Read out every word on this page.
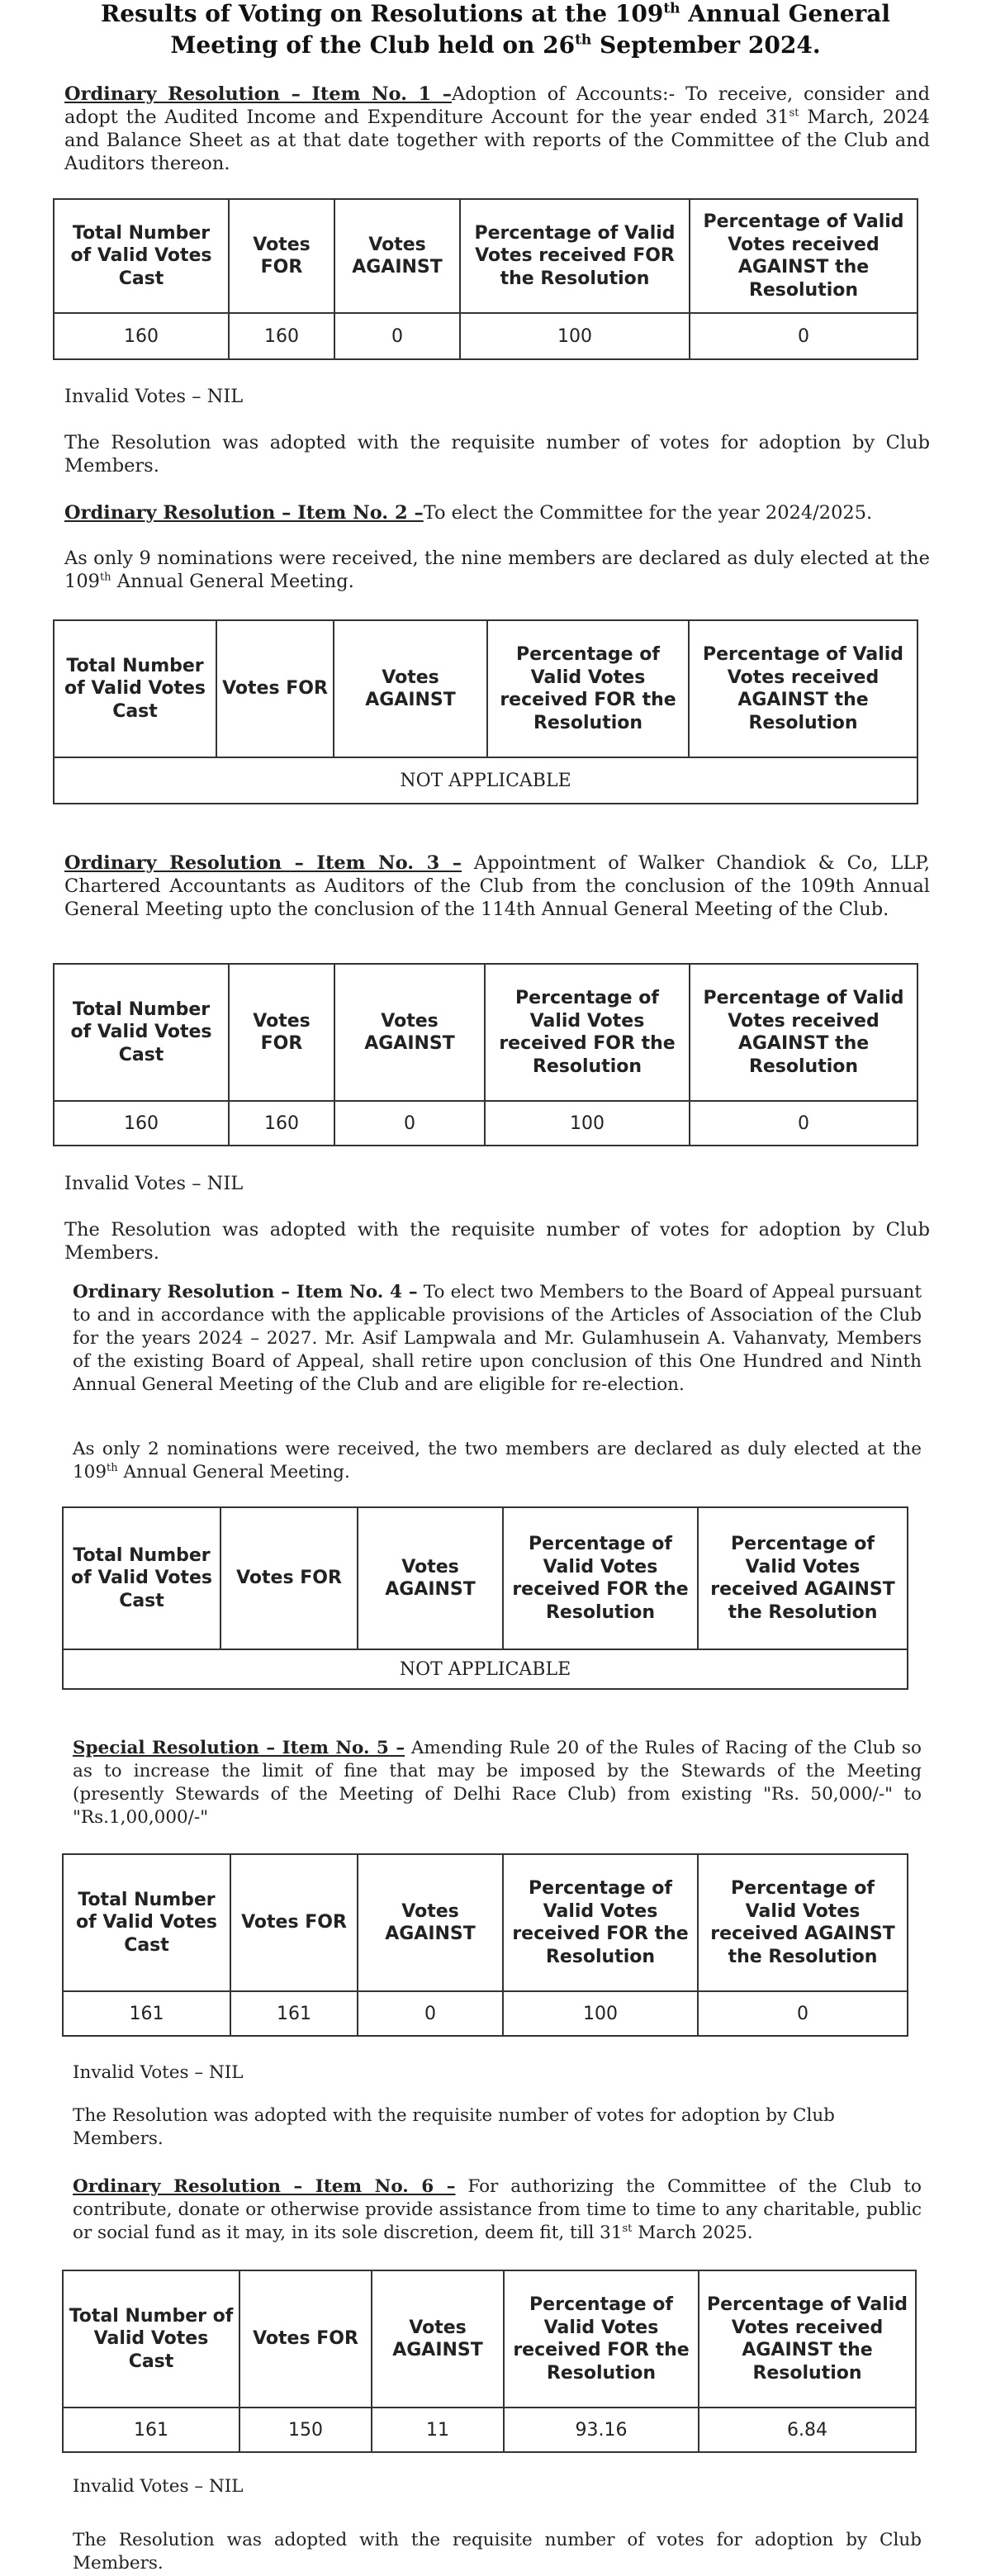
Results of Voting on Resolutions at the 109th Annual General
Meeting of the Club held on 26th September 2024.
Ordinary Resolution – Item No. 1 –Adoption of Accounts:- To receive, consider and adopt the Audited Income and Expenditure Account for the year ended 31st March, 2024 and Balance Sheet as at that date together with reports of the Committee of the Club and Auditors thereon.
Total Number of Valid Votes Cast	Votes FOR	Votes AGAINST	Percentage of Valid Votes received FOR the Resolution	Percentage of Valid Votes received AGAINST the Resolution
160	160	0	100	0
Invalid Votes – NIL
The Resolution was adopted with the requisite number of votes for adoption by Club Members.
Ordinary Resolution – Item No. 2 –To elect the Committee for the year 2024/2025.
As only 9 nominations were received, the nine members are declared as duly elected at the 109th Annual General Meeting.
Total Number of Valid Votes Cast	Votes FOR	Votes AGAINST	Percentage of Valid Votes received FOR the Resolution	Percentage of Valid Votes received AGAINST the Resolution
NOT APPLICABLE
Ordinary Resolution – Item No. 3 – Appointment of Walker Chandiok & Co, LLP, Chartered Accountants as Auditors of the Club from the conclusion of the 109th Annual General Meeting upto the conclusion of the 114th Annual General Meeting of the Club.
Total Number of Valid Votes Cast	Votes FOR	Votes AGAINST	Percentage of Valid Votes received FOR the Resolution	Percentage of Valid Votes received AGAINST the Resolution
160	160	0	100	0
Invalid Votes – NIL
The Resolution was adopted with the requisite number of votes for adoption by Club Members.
Ordinary Resolution – Item No. 4 – To elect two Members to the Board of Appeal pursuant to and in accordance with the applicable provisions of the Articles of Association of the Club for the years 2024 – 2027. Mr. Asif Lampwala and Mr. Gulamhusein A. Vahanvaty, Members of the existing Board of Appeal, shall retire upon conclusion of this One Hundred and Ninth Annual General Meeting of the Club and are eligible for re-election.
As only 2 nominations were received, the two members are declared as duly elected at the 109th Annual General Meeting.
Total Number of Valid Votes Cast	Votes FOR	Votes AGAINST	Percentage of Valid Votes received FOR the Resolution	Percentage of Valid Votes received AGAINST the Resolution
NOT APPLICABLE
Special Resolution – Item No. 5 – Amending Rule 20 of the Rules of Racing of the Club so as to increase the limit of fine that may be imposed by the Stewards of the Meeting (presently Stewards of the Meeting of Delhi Race Club) from existing "Rs. 50,000/-" to "Rs.1,00,000/-"
Total Number of Valid Votes Cast	Votes FOR	Votes AGAINST	Percentage of Valid Votes received FOR the Resolution	Percentage of Valid Votes received AGAINST the Resolution
161	161	0	100	0
Invalid Votes – NIL
The Resolution was adopted with the requisite number of votes for adoption by Club Members.
Ordinary Resolution – Item No. 6 – For authorizing the Committee of the Club to contribute, donate or otherwise provide assistance from time to time to any charitable, public or social fund as it may, in its sole discretion, deem fit, till 31st March 2025.
Total Number of Valid Votes Cast	Votes FOR	Votes AGAINST	Percentage of Valid Votes received FOR the Resolution	Percentage of Valid Votes received AGAINST the Resolution
161	150	11	93.16	6.84
Invalid Votes – NIL
The Resolution was adopted with the requisite number of votes for adoption by Club Members.
